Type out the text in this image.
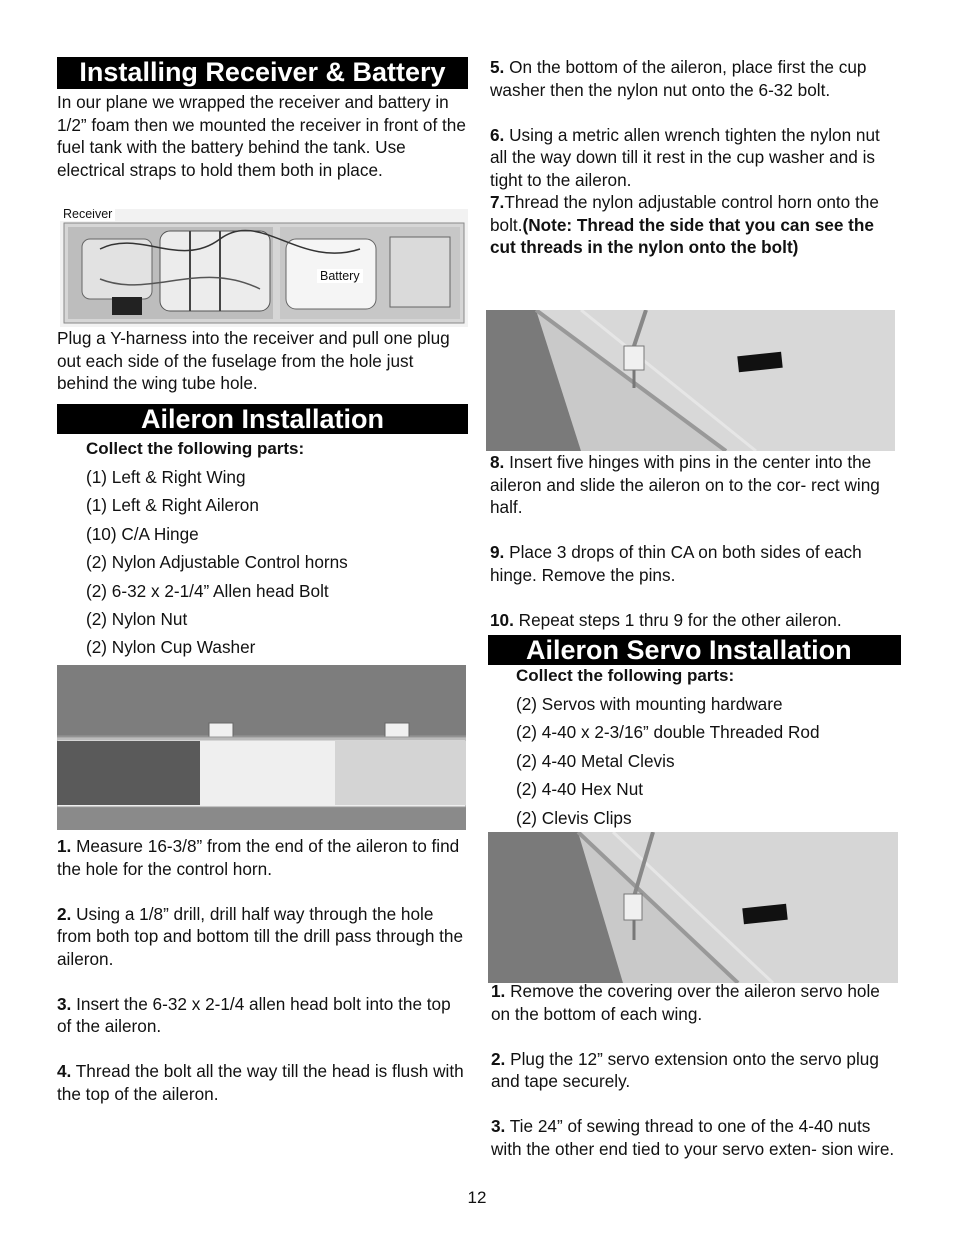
Installing Receiver & Battery

In our plane we wrapped the receiver and battery in 1/2” foam then we mounted the receiver in front of the fuel tank with the battery behind the tank. Use electrical straps to hold them both in place.

Receiver
Battery

Plug a Y-harness into the receiver and pull one plug out each side of the fuselage from the hole just behind the wing tube hole.

Aileron Installation
Collect the following parts:
(1) Left & Right Wing
(1) Left & Right Aileron
(10) C/A Hinge
(2) Nylon Adjustable Control horns
(2) 6-32 x 2-1/4” Allen head Bolt
(2) Nylon Nut
(2) Nylon Cup Washer

1. Measure 16-3/8” from the end of the aileron to find the hole for the control horn.

2. Using a 1/8” drill, drill half way through the hole from both top and bottom till the drill pass through the aileron.

3. Insert the 6-32 x 2-1/4 allen head bolt into the top of the aileron.

4. Thread the bolt all the way till the head is flush with the top of the aileron.

5. On the bottom of the aileron, place first the cup washer then the nylon nut onto the 6-32 bolt.

6. Using a metric allen wrench tighten the nylon nut all the way down till it rest in the cup washer and is tight to the aileron.

7.Thread the nylon adjustable control horn onto the bolt.(Note: Thread the side that you can see the cut threads in the nylon onto the bolt)

8. Insert five hinges with pins in the center into the aileron and slide the aileron on to the cor- rect wing half.

9. Place 3 drops of thin CA on both sides of each hinge. Remove the pins.

10. Repeat steps 1 thru 9 for the other aileron.

Aileron Servo Installation
Collect the following parts:
(2) Servos with mounting hardware
(2) 4-40 x 2-3/16” double Threaded Rod
(2) 4-40 Metal Clevis
(2) 4-40 Hex Nut
(2) Clevis Clips

1. Remove the covering over the aileron servo hole on the bottom of each wing.

2. Plug the 12” servo extension onto the servo plug and tape securely.

3. Tie 24” of sewing thread to one of the 4-40 nuts with the other end tied to your servo exten- sion wire.

12
